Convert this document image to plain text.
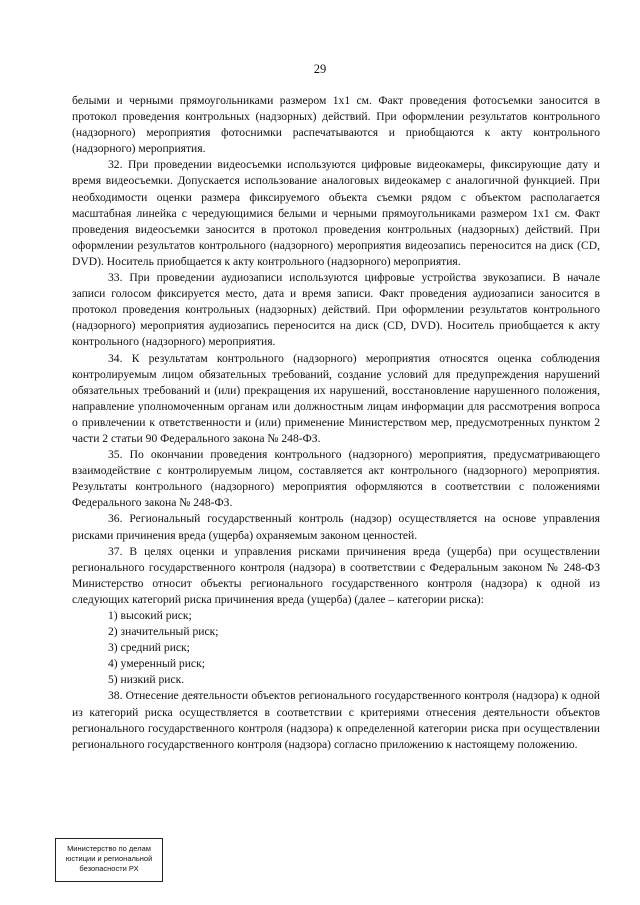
29

белыми и черными прямоугольниками размером 1x1 см. Факт проведения фотосъемки заносится в протокол проведения контрольных (надзорных) действий. При оформлении результатов контрольного (надзорного) мероприятия фотоснимки распечатываются и приобщаются к акту контрольного (надзорного) мероприятия.

32. При проведении видеосъемки используются цифровые видеокамеры, фиксирующие дату и время видеосъемки. Допускается использование аналоговых видеокамер с аналогичной функцией. При необходимости оценки размера фиксируемого объекта съемки рядом с объектом располагается масштабная линейка с чередующимися белыми и черными прямоугольниками размером 1x1 см. Факт проведения видеосъемки заносится в протокол проведения контрольных (надзорных) действий. При оформлении результатов контрольного (надзорного) мероприятия видеозапись переносится на диск (CD, DVD). Носитель приобщается к акту контрольного (надзорного) мероприятия.

33. При проведении аудиозаписи используются цифровые устройства звукозаписи. В начале записи голосом фиксируется место, дата и время записи. Факт проведения аудиозаписи заносится в протокол проведения контрольных (надзорных) действий. При оформлении результатов контрольного (надзорного) мероприятия аудиозапись переносится на диск (CD, DVD). Носитель приобщается к акту контрольного (надзорного) мероприятия.

34. К результатам контрольного (надзорного) мероприятия относятся оценка соблюдения контролируемым лицом обязательных требований, создание условий для предупреждения нарушений обязательных требований и (или) прекращения их нарушений, восстановление нарушенного положения, направление уполномоченным органам или должностным лицам информации для рассмотрения вопроса о привлечении к ответственности и (или) применение Министерством мер, предусмотренных пунктом 2 части 2 статьи 90 Федерального закона № 248-ФЗ.

35. По окончании проведения контрольного (надзорного) мероприятия, предусматривающего взаимодействие с контролируемым лицом, составляется акт контрольного (надзорного) мероприятия. Результаты контрольного (надзорного) мероприятия оформляются в соответствии с положениями Федерального закона № 248-ФЗ.

36. Региональный государственный контроль (надзор) осуществляется на основе управления рисками причинения вреда (ущерба) охраняемым законом ценностей.

37. В целях оценки и управления рисками причинения вреда (ущерба) при осуществлении регионального государственного контроля (надзора) в соответствии с Федеральным законом № 248-ФЗ Министерство относит объекты регионального государственного контроля (надзора) к одной из следующих категорий риска причинения вреда (ущерба) (далее – категории риска):

1) высокий риск;

2) значительный риск;

3) средний риск;

4) умеренный риск;

5) низкий риск.

38. Отнесение деятельности объектов регионального государственного контроля (надзора) к одной из категорий риска осуществляется в соответствии с критериями отнесения деятельности объектов регионального государственного контроля (надзора) к определенной категории риска при осуществлении регионального государственного контроля (надзора) согласно приложению к настоящему положению.

Министерство по делам
юстиции и региональной
безопасности РХ
